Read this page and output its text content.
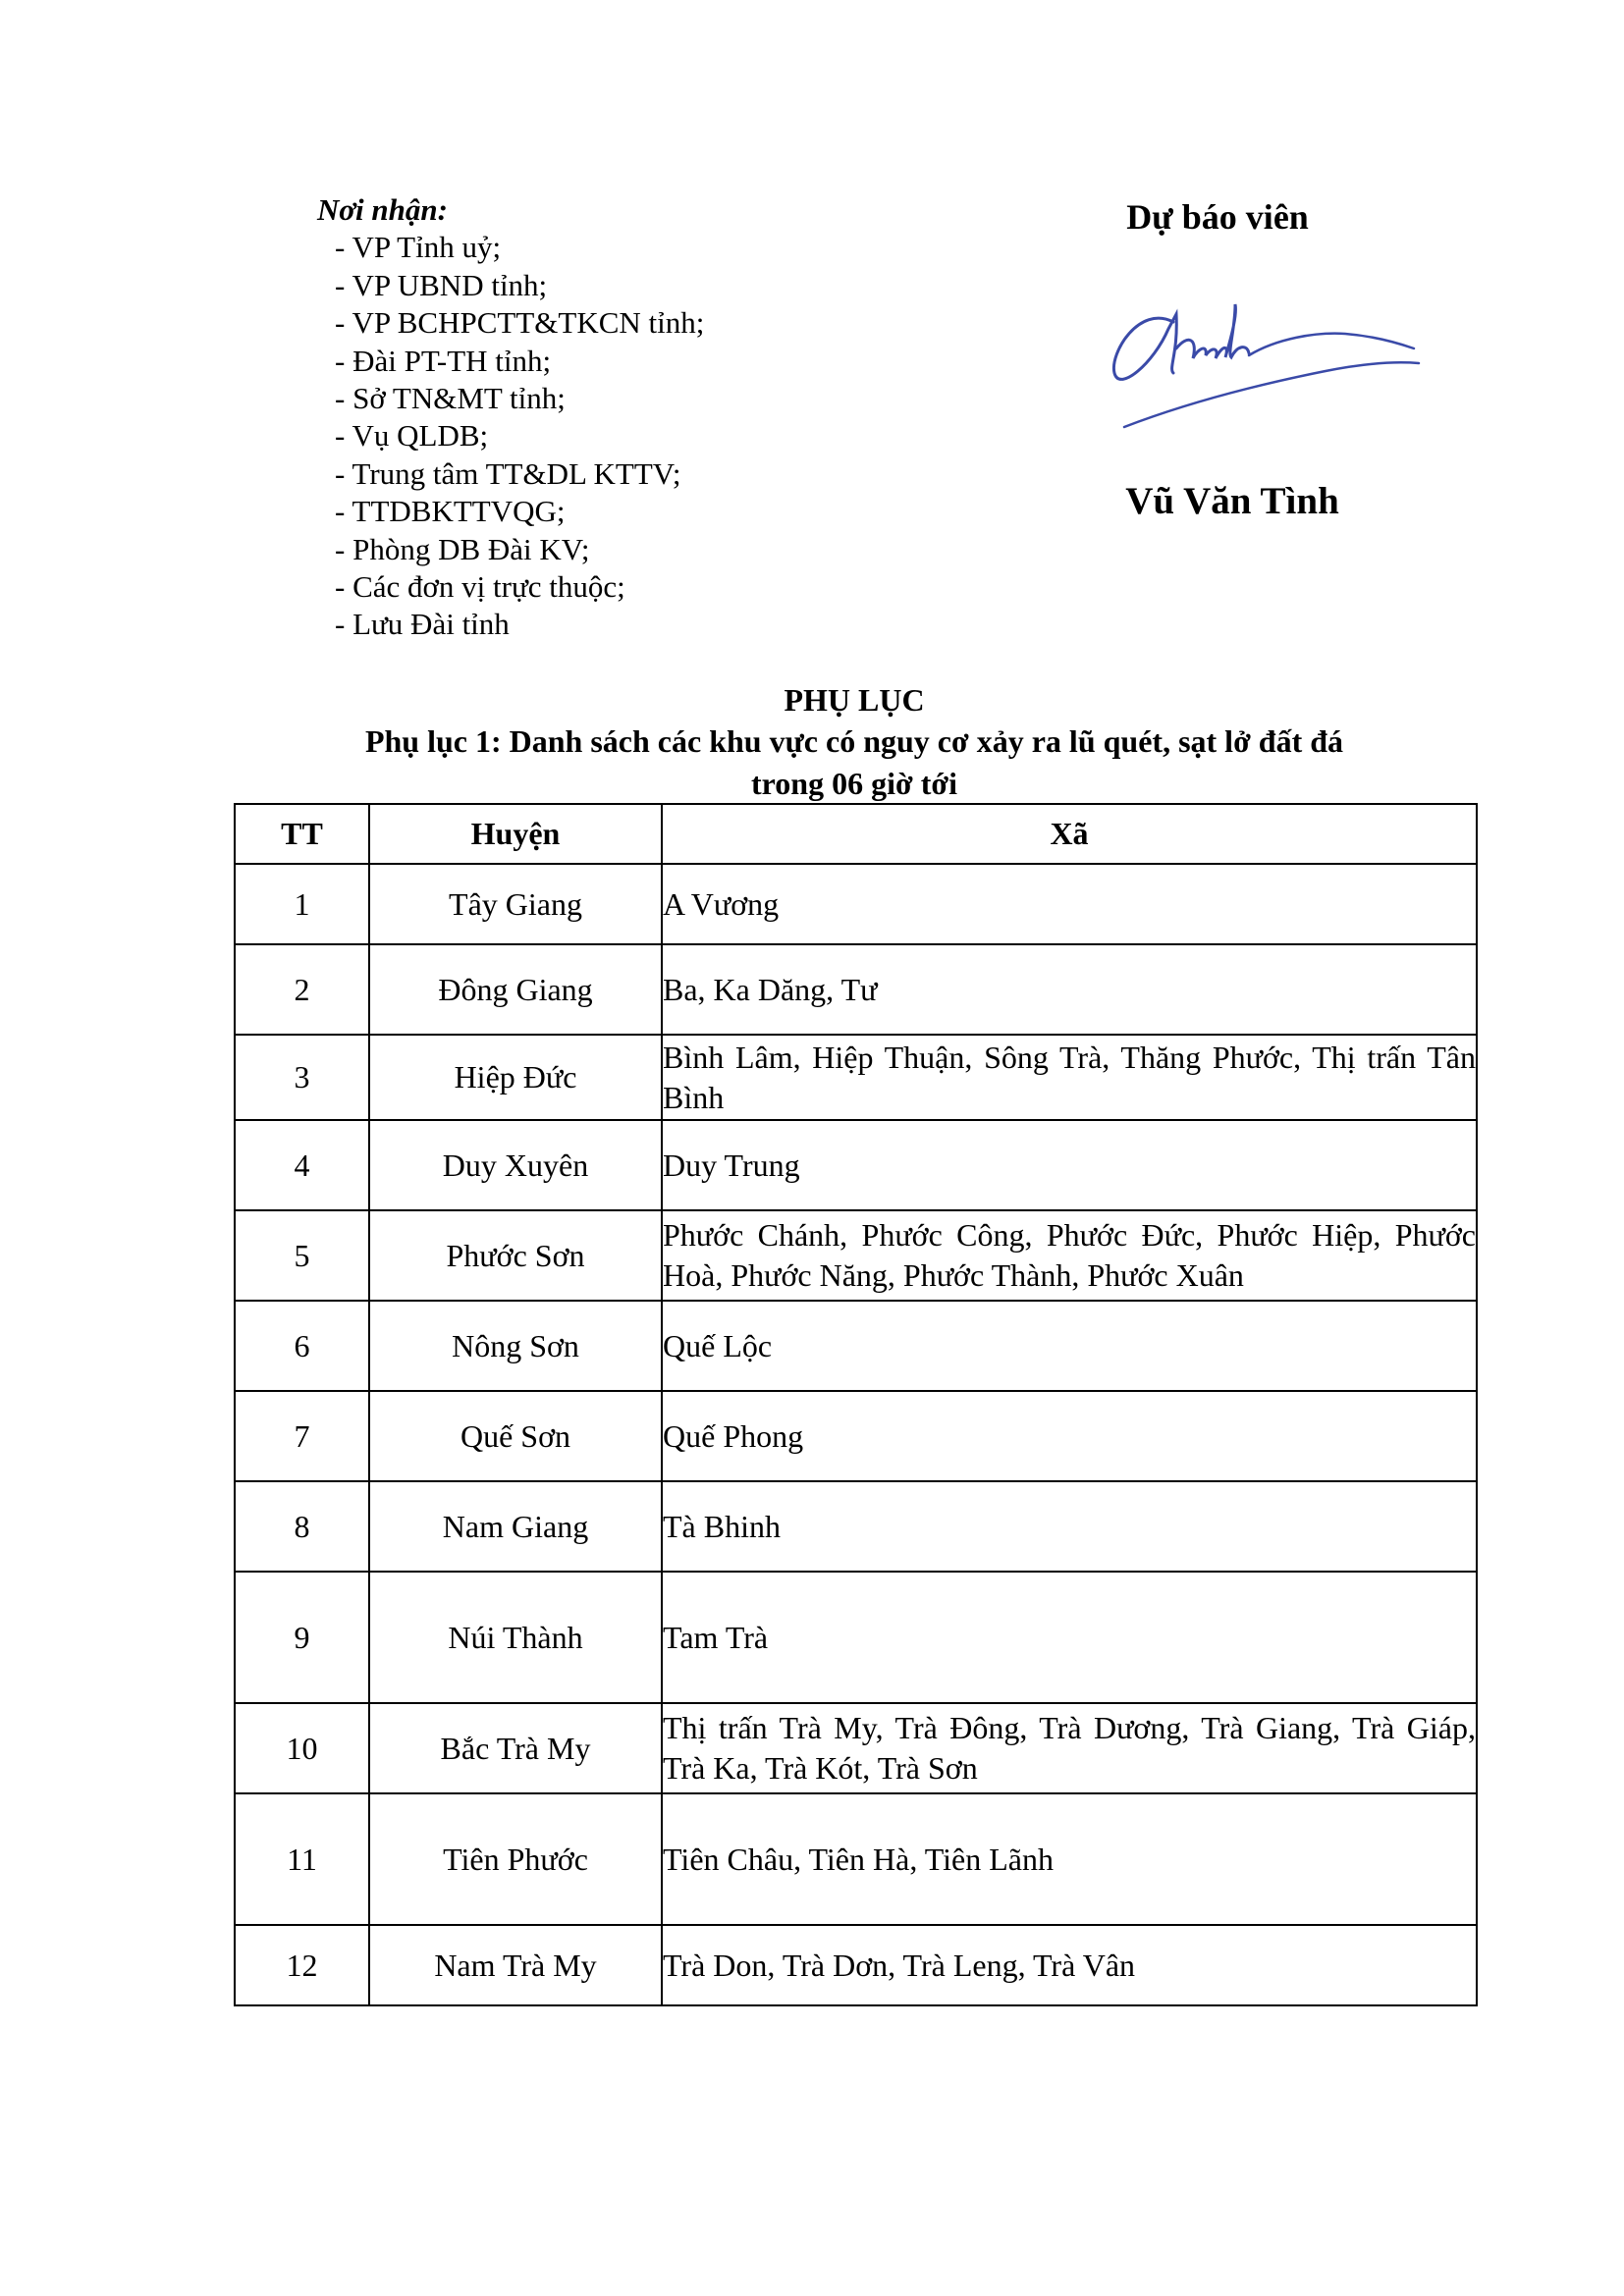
Nơi nhận:
- VP Tỉnh uỷ;
- VP UBND tỉnh;
- VP BCHPCTT&TKCN tỉnh;
- Đài PT-TH tỉnh;
- Sở TN&MT tỉnh;
- Vụ QLDB;
- Trung tâm TT&DL KTTV;
- TTDBKTTVQG;
- Phòng DB Đài KV;
- Các đơn vị trực thuộc;
- Lưu Đài tỉnh
Dự báo viên
Vũ Văn Tình
PHỤ LỤC
Phụ lục 1: Danh sách các khu vực có nguy cơ xảy ra lũ quét, sạt lở đất đá
trong 06 giờ tới
TT	Huyện	Xã
1	Tây Giang	A Vương
2	Đông Giang	Ba, Ka Dăng, Tư
3	Hiệp Đức	Bình Lâm, Hiệp Thuận, Sông Trà, Thăng Phước, Thị trấn Tân Bình
4	Duy Xuyên	Duy Trung
5	Phước Sơn	Phước Chánh, Phước Công, Phước Đức, Phước Hiệp, Phước Hoà, Phước Năng, Phước Thành, Phước Xuân
6	Nông Sơn	Quế Lộc
7	Quế Sơn	Quế Phong
8	Nam Giang	Tà Bhinh
9	Núi Thành	Tam Trà
10	Bắc Trà My	Thị trấn Trà My, Trà Đông, Trà Dương, Trà Giang, Trà Giáp, Trà Ka, Trà Kót, Trà Sơn
11	Tiên Phước	Tiên Châu, Tiên Hà, Tiên Lãnh
12	Nam Trà My	Trà Don, Trà Dơn, Trà Leng, Trà Vân
